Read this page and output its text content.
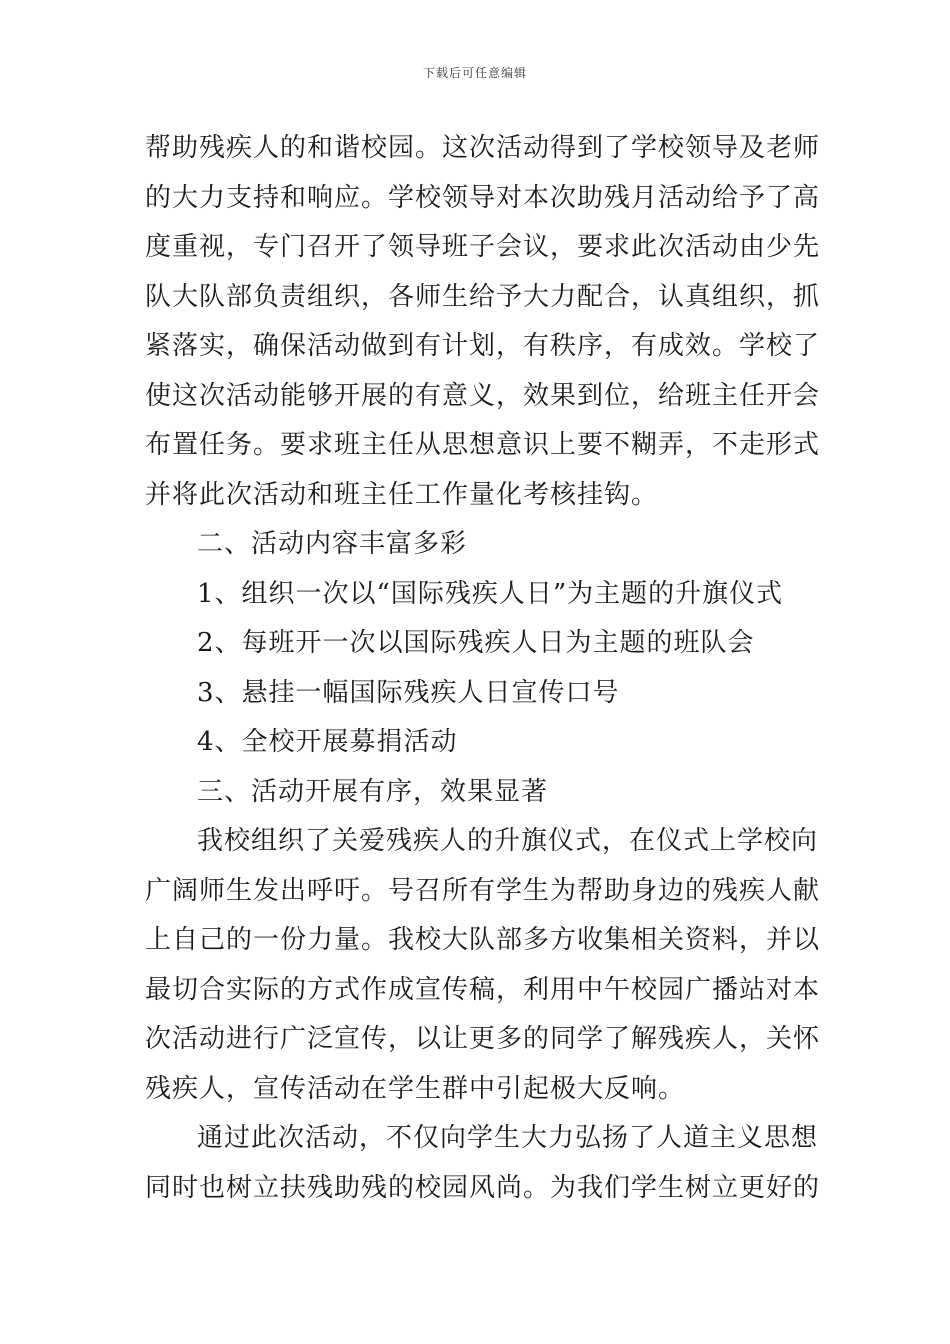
下载后可任意编辑
帮助残疾人的和谐校园。这次活动得到了学校领导及老师
的大力支持和响应。学校领导对本次助残月活动给予了高
度重视，专门召开了领导班子会议，要求此次活动由少先
队大队部负责组织，各师生给予大力配合，认真组织，抓
紧落实，确保活动做到有计划，有秩序，有成效。学校了
使这次活动能够开展的有意义，效果到位，给班主任开会
布置任务。要求班主任从思想意识上要不糊弄，不走形式
并将此次活动和班主任工作量化考核挂钩。
二、活动内容丰富多彩
1、组织一次以“国际残疾人日”为主题的升旗仪式
2、每班开一次以国际残疾人日为主题的班队会
3、悬挂一幅国际残疾人日宣传口号
4、全校开展募捐活动
三、活动开展有序，效果显著
我校组织了关爱残疾人的升旗仪式，在仪式上学校向
广阔师生发出呼吁。号召所有学生为帮助身边的残疾人献
上自己的一份力量。我校大队部多方收集相关资料，并以
最切合实际的方式作成宣传稿，利用中午校园广播站对本
次活动进行广泛宣传，以让更多的同学了解残疾人，关怀
残疾人，宣传活动在学生群中引起极大反响。
通过此次活动，不仅向学生大力弘扬了人道主义思想
同时也树立扶残助残的校园风尚。为我们学生树立更好的
